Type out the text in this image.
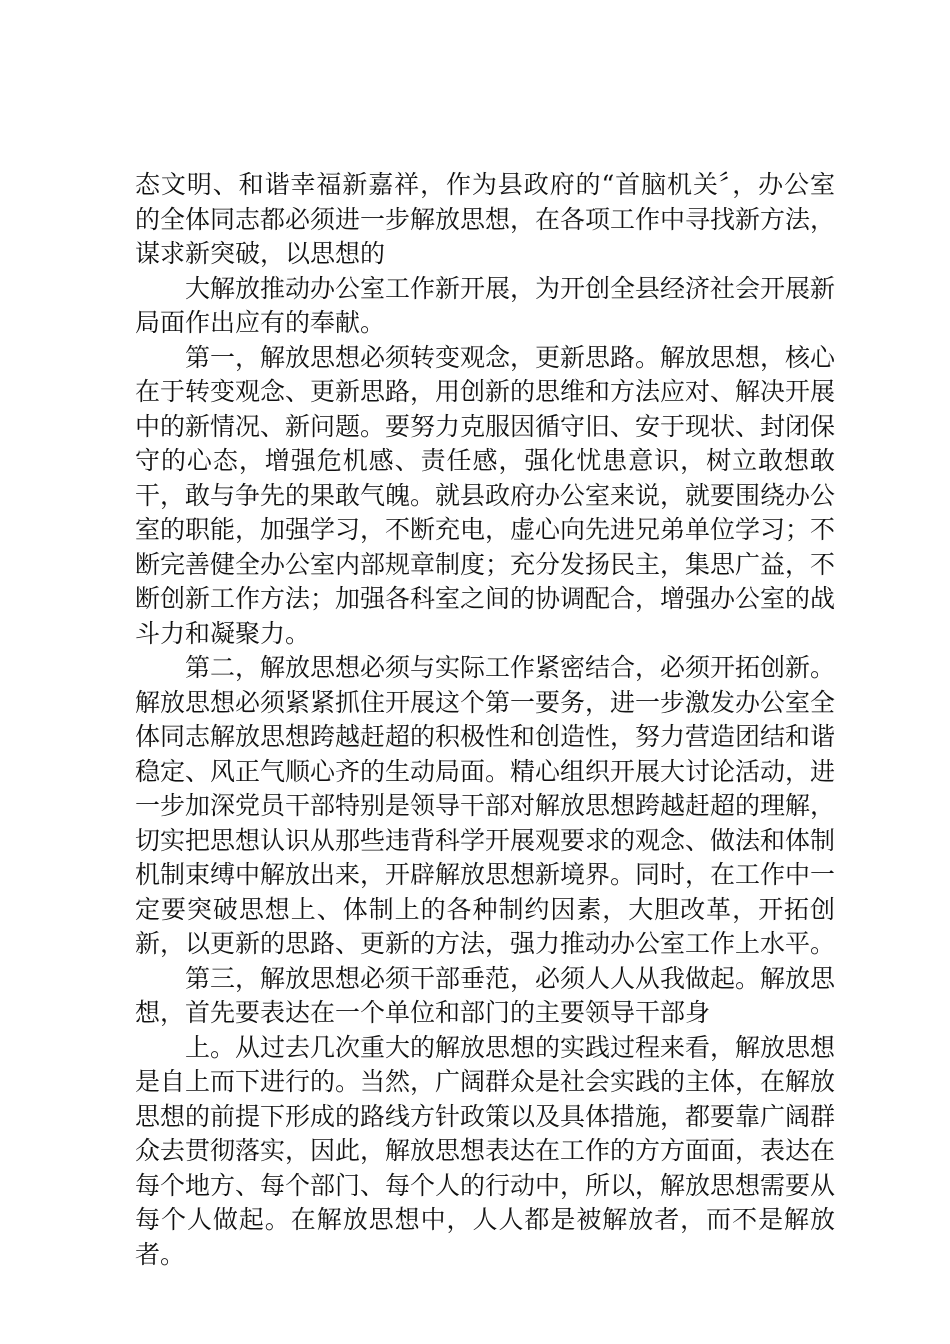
态文明、和谐幸福新嘉祥，作为县政府的“首脑机关〞，办公室的全体同志都必须进一步解放思想，在各项工作中寻找新方法，谋求新突破，以思想的

大解放推动办公室工作新开展，为开创全县经济社会开展新局面作出应有的奉献。

第一，解放思想必须转变观念，更新思路。解放思想，核心在于转变观念、更新思路，用创新的思维和方法应对、解决开展中的新情况、新问题。要努力克服因循守旧、安于现状、封闭保守的心态，增强危机感、责任感，强化忧患意识，树立敢想敢干，敢与争先的果敢气魄。就县政府办公室来说，就要围绕办公室的职能，加强学习，不断充电，虚心向先进兄弟单位学习；不断完善健全办公室内部规章制度；充分发扬民主，集思广益，不断创新工作方法；加强各科室之间的协调配合，增强办公室的战斗力和凝聚力。

第二，解放思想必须与实际工作紧密结合，必须开拓创新。解放思想必须紧紧抓住开展这个第一要务，进一步激发办公室全体同志解放思想跨越赶超的积极性和创造性，努力营造团结和谐稳定、风正气顺心齐的生动局面。精心组织开展大讨论活动，进一步加深党员干部特别是领导干部对解放思想跨越赶超的理解，切实把思想认识从那些违背科学开展观要求的观念、做法和体制机制束缚中解放出来，开辟解放思想新境界。同时，在工作中一定要突破思想上、体制上的各种制约因素，大胆改革，开拓创新，以更新的思路、更新的方法，强力推动办公室工作上水平。

第三，解放思想必须干部垂范，必须人人从我做起。解放思想，首先要表达在一个单位和部门的主要领导干部身

上。从过去几次重大的解放思想的实践过程来看，解放思想是自上而下进行的。当然，广阔群众是社会实践的主体，在解放思想的前提下形成的路线方针政策以及具体措施，都要靠广阔群众去贯彻落实，因此，解放思想表达在工作的方方面面，表达在每个地方、每个部门、每个人的行动中，所以，解放思想需要从每个人做起。在解放思想中，人人都是被解放者，而不是解放者。
